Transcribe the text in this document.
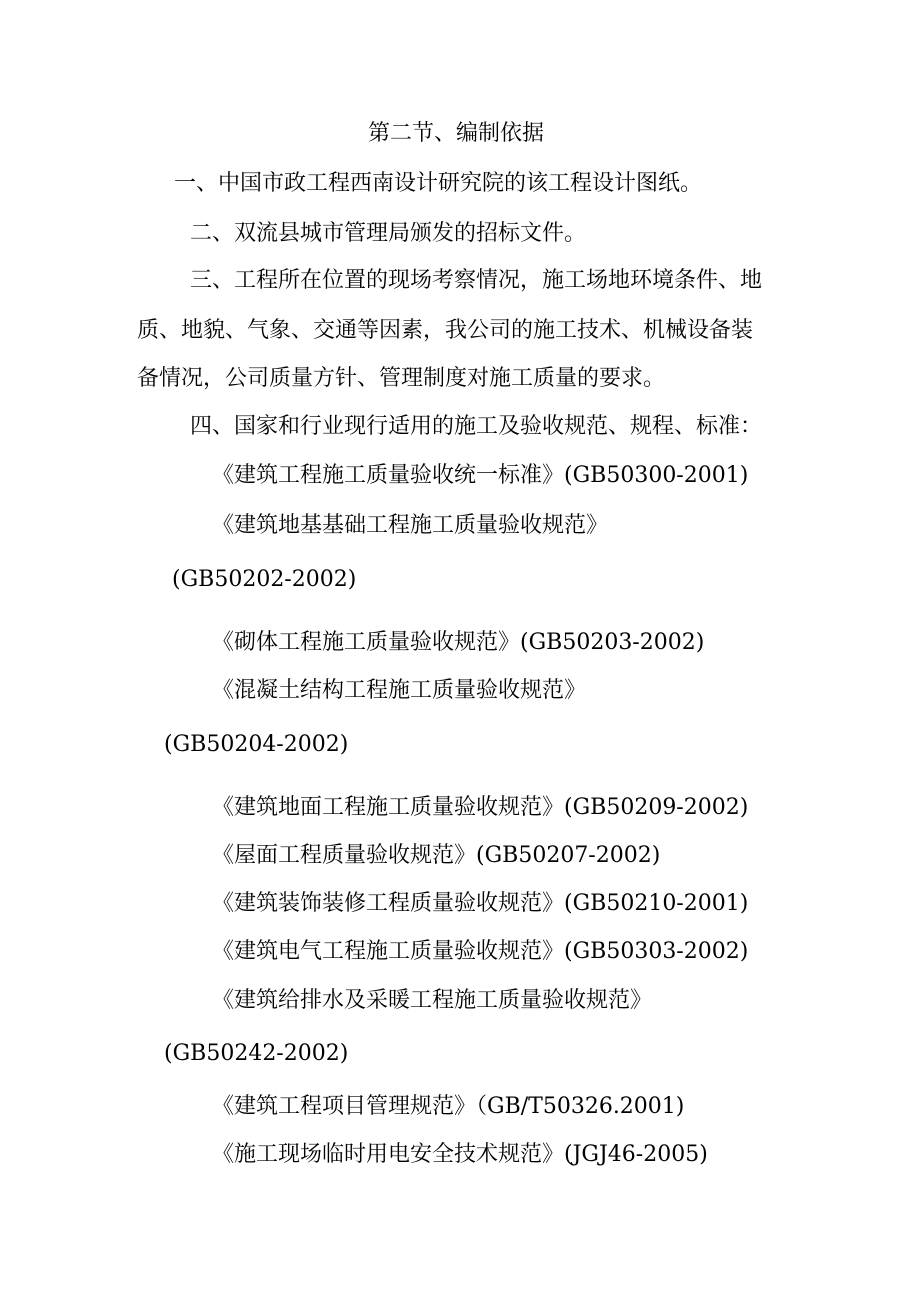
第二节、编制依据

一、中国市政工程西南设计研究院的该工程设计图纸。

二、双流县城市管理局颁发的招标文件。

三、工程所在位置的现场考察情况，施工场地环境条件、地

质、地貌、气象、交通等因素，我公司的施工技术、机械设备装

备情况，公司质量方针、管理制度对施工质量的要求。

四、国家和行业现行适用的施工及验收规范、规程、标准：

《建筑工程施工质量验收统一标准》(GB50300-2001)

《建筑地基基础工程施工质量验收规范》

(GB50202-2002)

《砌体工程施工质量验收规范》(GB50203-2002)

《混凝土结构工程施工质量验收规范》

(GB50204-2002)

《建筑地面工程施工质量验收规范》(GB50209-2002)

《屋面工程质量验收规范》(GB50207-2002)

《建筑装饰装修工程质量验收规范》(GB50210-2001)

《建筑电气工程施工质量验收规范》(GB50303-2002)

《建筑给排水及采暖工程施工质量验收规范》

(GB50242-2002)

《建筑工程项目管理规范》（GB/T50326.2001)

《施工现场临时用电安全技术规范》(JGJ46-2005)
